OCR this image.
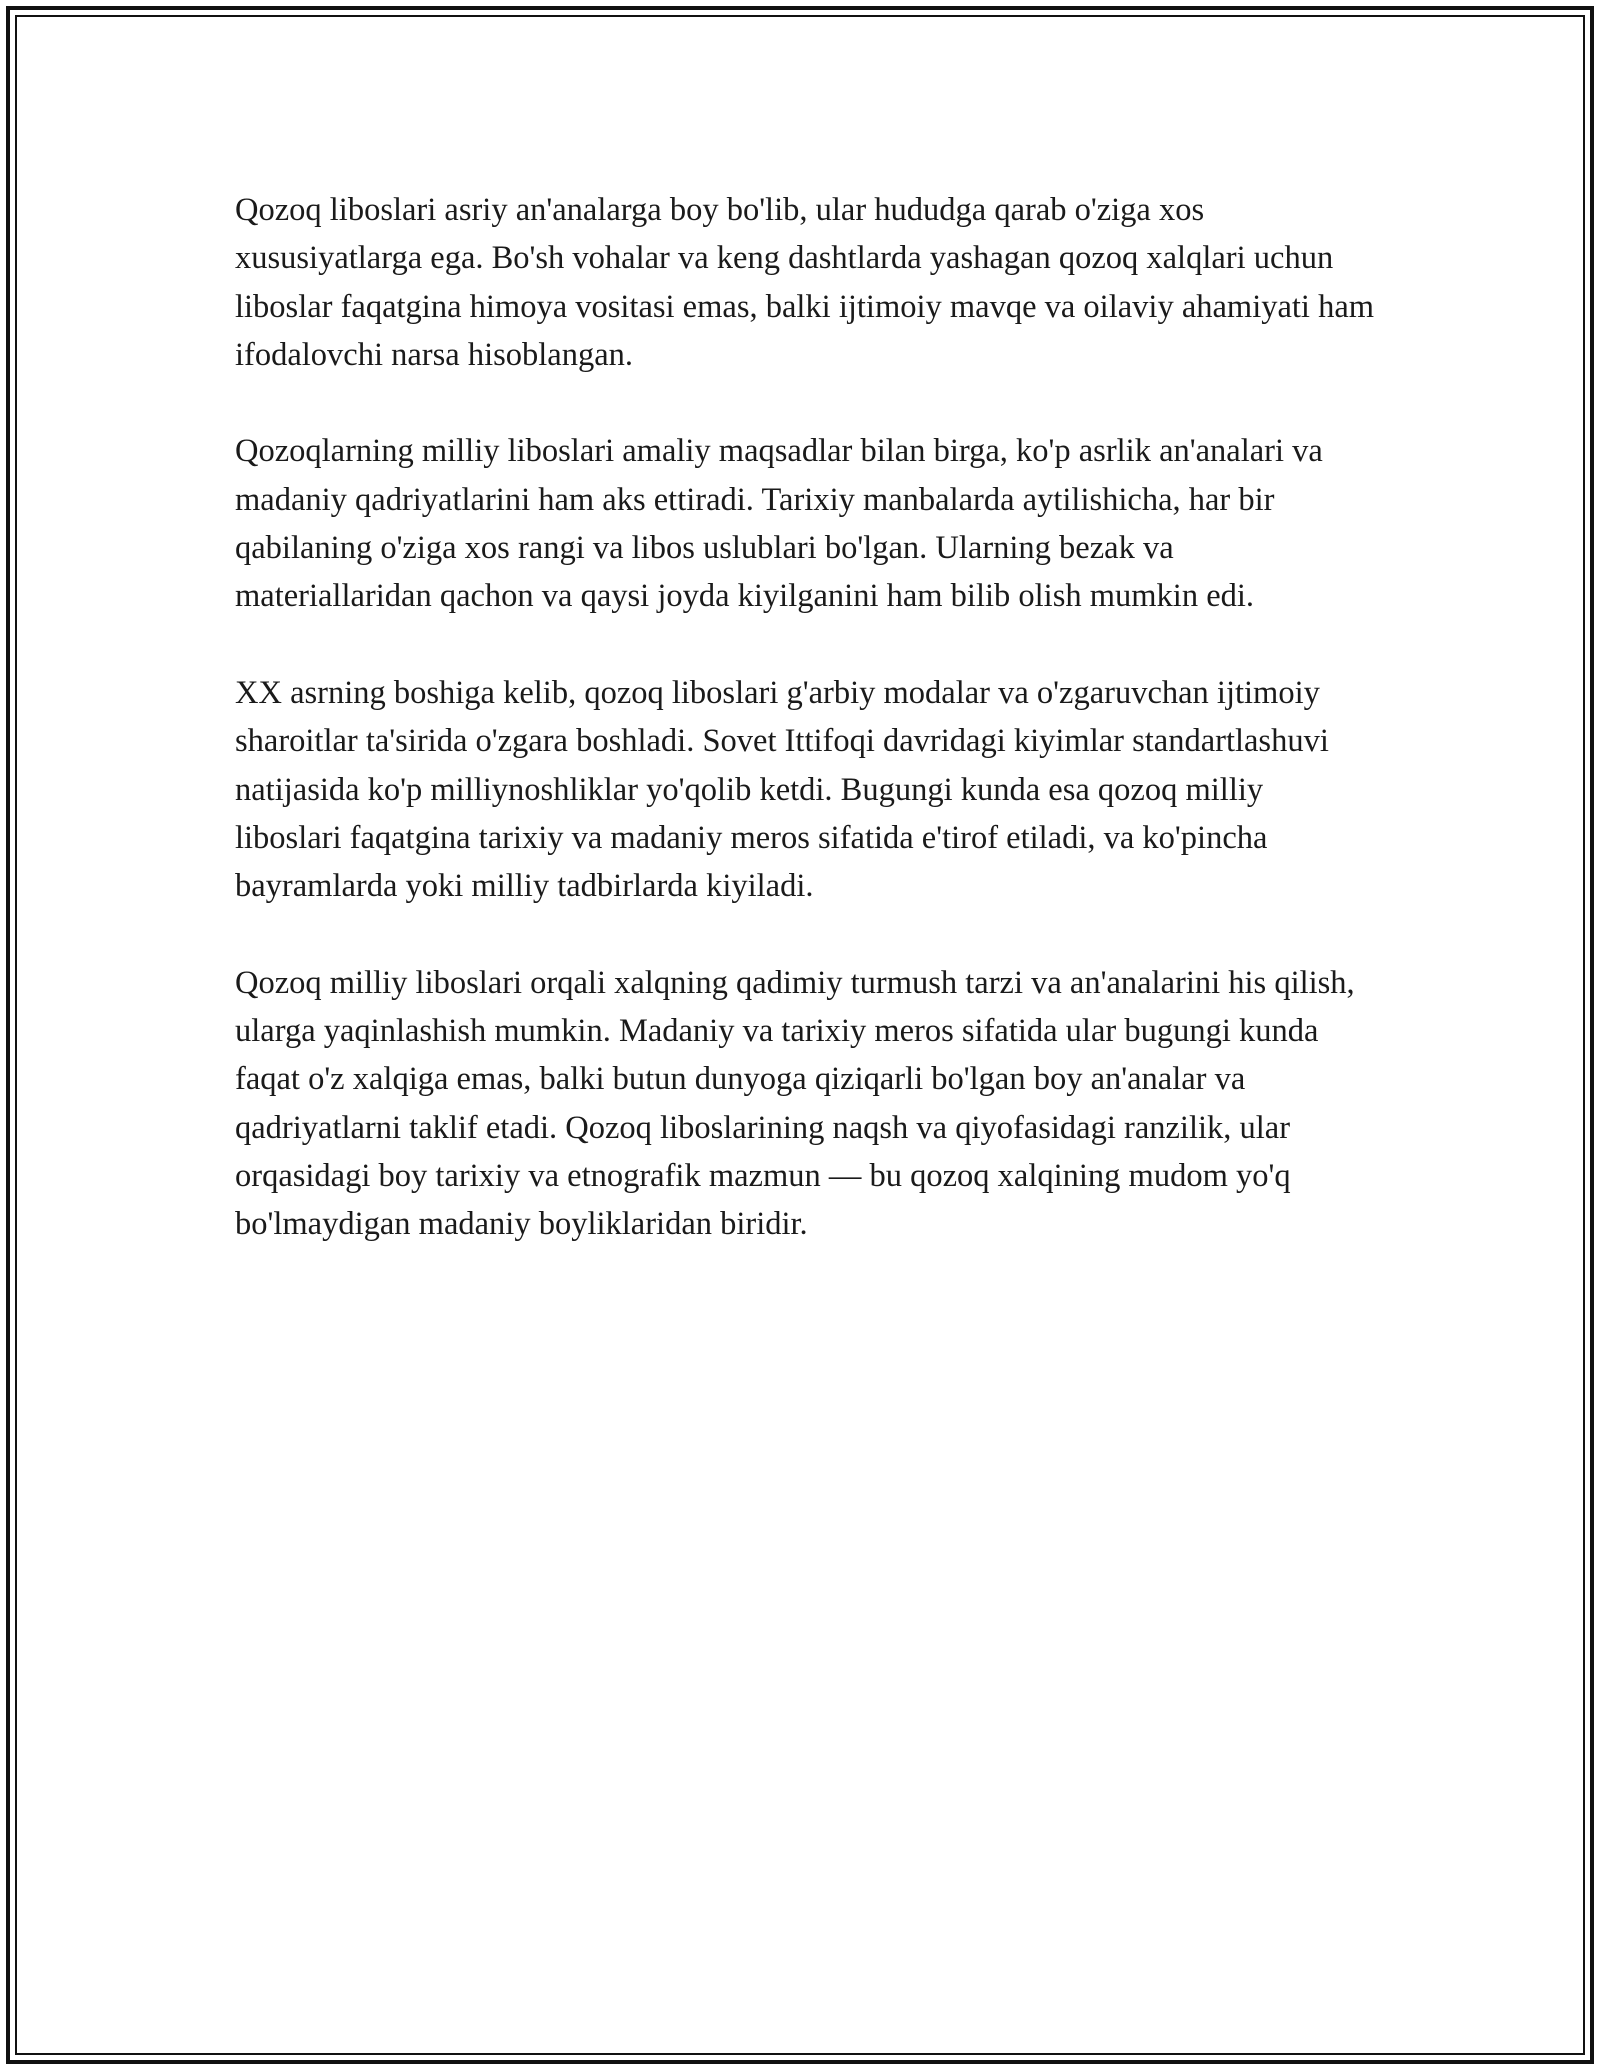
Qozoq liboslari asriy an'analarga boy bo'lib, ular hududga qarab o'ziga xos xususiyatlarga ega. Bo'sh vohalar va keng dashtlarda yashagan qozoq xalqlari uchun liboslar faqatgina himoya vositasi emas, balki ijtimoiy mavqe va oilaviy ahamiyati ham ifodalovchi narsa hisoblangan.

Qozoqlarning milliy liboslari amaliy maqsadlar bilan birga, ko'p asrlik an'analari va madaniy qadriyatlarini ham aks ettiradi. Tarixiy manbalarda aytilishicha, har bir qabilaning o'ziga xos rangi va libos uslublari bo'lgan. Ularning bezak va materiallaridan qachon va qaysi joyda kiyilganini ham bilib olish mumkin edi.

XX asrning boshiga kelib, qozoq liboslari g'arbiy modalar va o'zgaruvchan ijtimoiy sharoitlar ta'sirida o'zgara boshladi. Sovet Ittifoqi davridagi kiyimlar standartlashuvi natijasida ko'p milliynoshliklar yo'qolib ketdi. Bugungi kunda esa qozoq milliy liboslari faqatgina tarixiy va madaniy meros sifatida e'tirof etiladi, va ko'pincha bayramlarda yoki milliy tadbirlarda kiyiladi.

Qozoq milliy liboslari orqali xalqning qadimiy turmush tarzi va an'analarini his qilish, ularga yaqinlashish mumkin. Madaniy va tarixiy meros sifatida ular bugungi kunda faqat o'z xalqiga emas, balki butun dunyoga qiziqarli bo'lgan boy an'analar va qadriyatlarni taklif etadi. Qozoq liboslarining naqsh va qiyofasidagi ranzilik, ular orqasidagi boy tarixiy va etnografik mazmun — bu qozoq xalqining mudom yo'q bo'lmaydigan madaniy boyliklaridan biridir.
